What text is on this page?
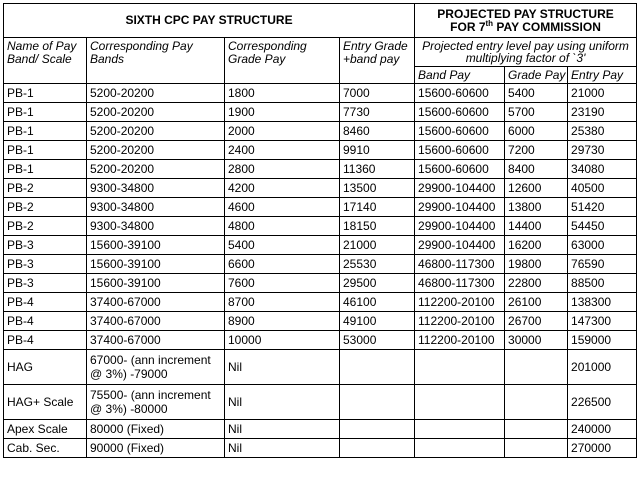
SIXTH CPC PAY STRUCTURE				PROJECTED PAY STRUCTURE
FOR 7th PAY COMMISSION		
Name of Pay Band/ Scale	Corresponding Pay Bands	Corresponding Grade Pay	Entry Grade +band pay	Projected entry level pay using uniform multiplying factor of `3'		
				Band Pay	Grade Pay	Entry Pay
PB-1	5200-20200	1800	7000	15600-60600	5400	21000
PB-1	5200-20200	1900	7730	15600-60600	5700	23190
PB-1	5200-20200	2000	8460	15600-60600	6000	25380
PB-1	5200-20200	2400	9910	15600-60600	7200	29730
PB-1	5200-20200	2800	11360	15600-60600	8400	34080
PB-2	9300-34800	4200	13500	29900-104400	12600	40500
PB-2	9300-34800	4600	17140	29900-104400	13800	51420
PB-2	9300-34800	4800	18150	29900-104400	14400	54450
PB-3	15600-39100	5400	21000	29900-104400	16200	63000
PB-3	15600-39100	6600	25530	46800-117300	19800	76590
PB-3	15600-39100	7600	29500	46800-117300	22800	88500
PB-4	37400-67000	8700	46100	112200-20100	26100	138300
PB-4	37400-67000	8900	49100	112200-20100	26700	147300
PB-4	37400-67000	10000	53000	112200-20100	30000	159000
HAG	67000- (ann increment @ 3%) -79000	Nil				201000
HAG+ Scale	75500- (ann increment @ 3%) -80000	Nil				226500
Apex Scale	80000 (Fixed)	Nil				240000
Cab. Sec.	90000 (Fixed)	Nil				270000
